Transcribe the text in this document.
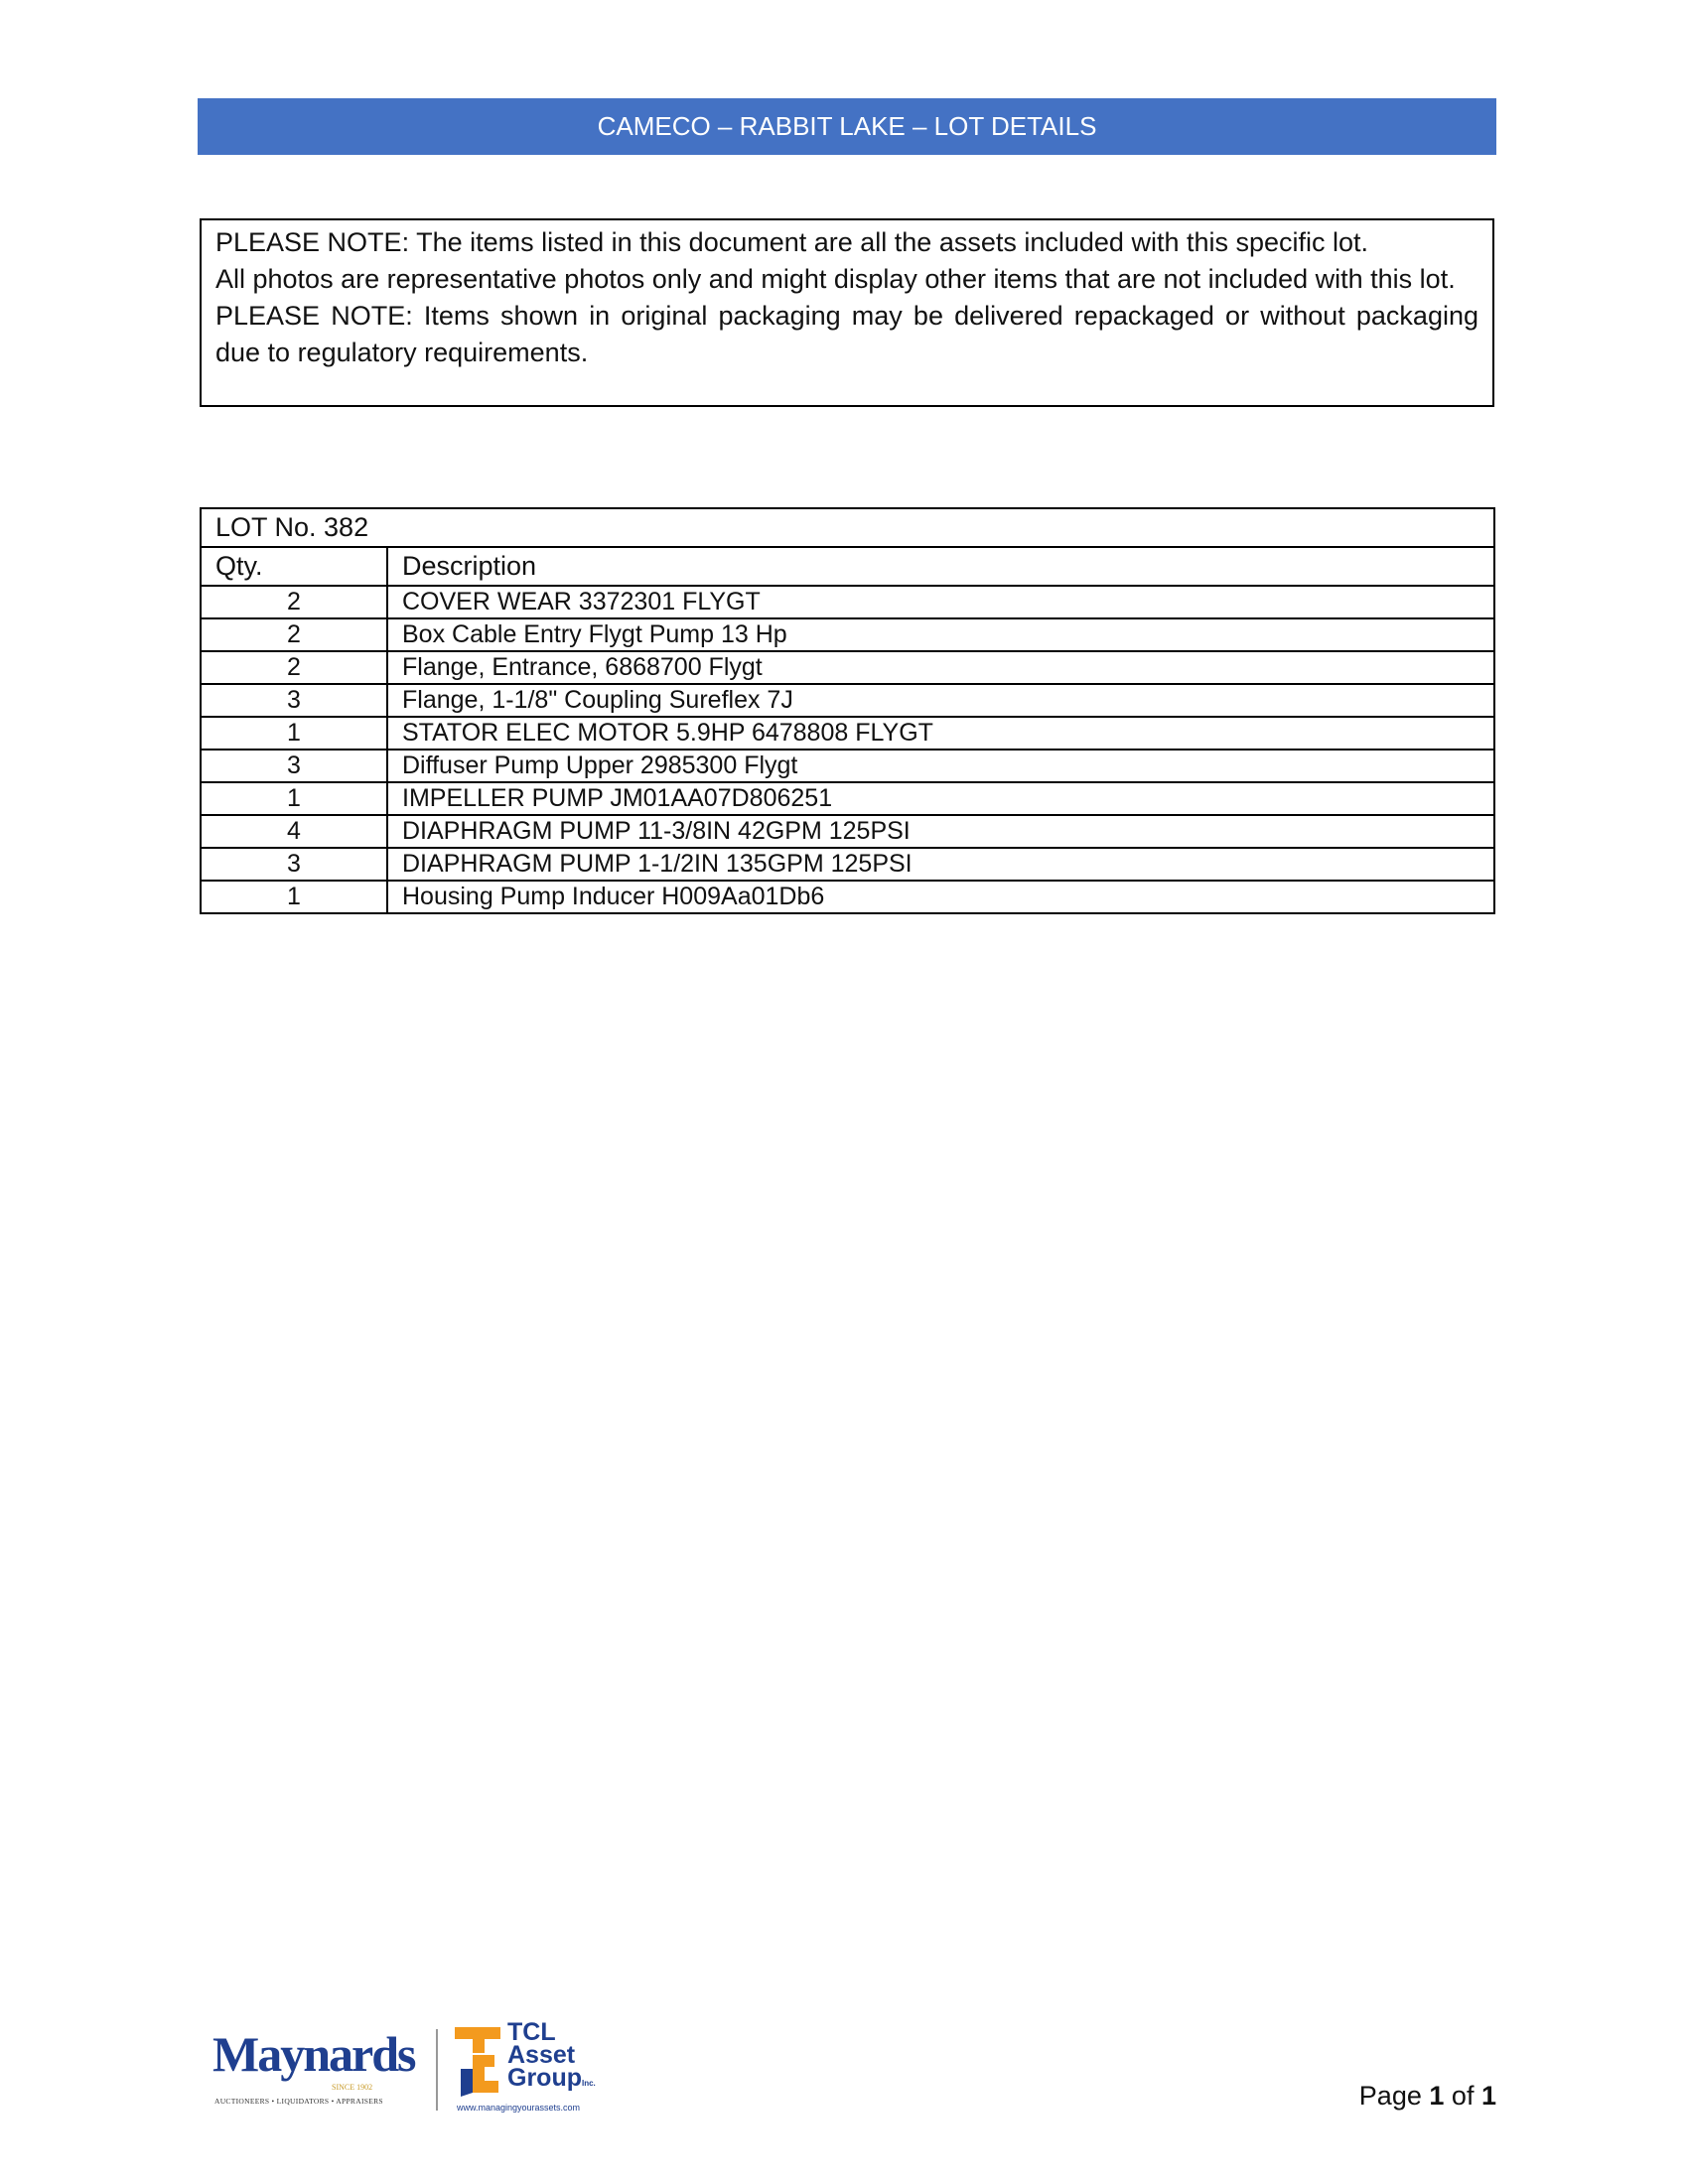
CAMECO – RABBIT LAKE – LOT DETAILS

PLEASE NOTE: The items listed in this document are all the assets included with this specific lot.

All photos are representative photos only and might display other items that are not included with this lot.

PLEASE NOTE: Items shown in original packaging may be delivered repackaged or without packaging due to regulatory requirements.

LOT No. 382	
Qty.	Description
2	COVER WEAR 3372301 FLYGT
2	Box Cable Entry Flygt Pump 13 Hp
2	Flange, Entrance, 6868700 Flygt
3	Flange, 1-1/8" Coupling Sureflex 7J
1	STATOR ELEC MOTOR 5.9HP 6478808 FLYGT
3	Diffuser Pump Upper 2985300 Flygt
1	IMPELLER PUMP JM01AA07D806251
4	DIAPHRAGM PUMP 11-3/8IN 42GPM 125PSI
3	DIAPHRAGM PUMP 1-1/2IN 135GPM 125PSI
1	Housing Pump Inducer H009Aa01Db6
Maynards
SINCE 1902
AUCTIONEERS • LIQUIDATORS • APPRAISERS
TCL
Asset
GroupInc.
www.managingyourassets.com	Page 1 of 1
